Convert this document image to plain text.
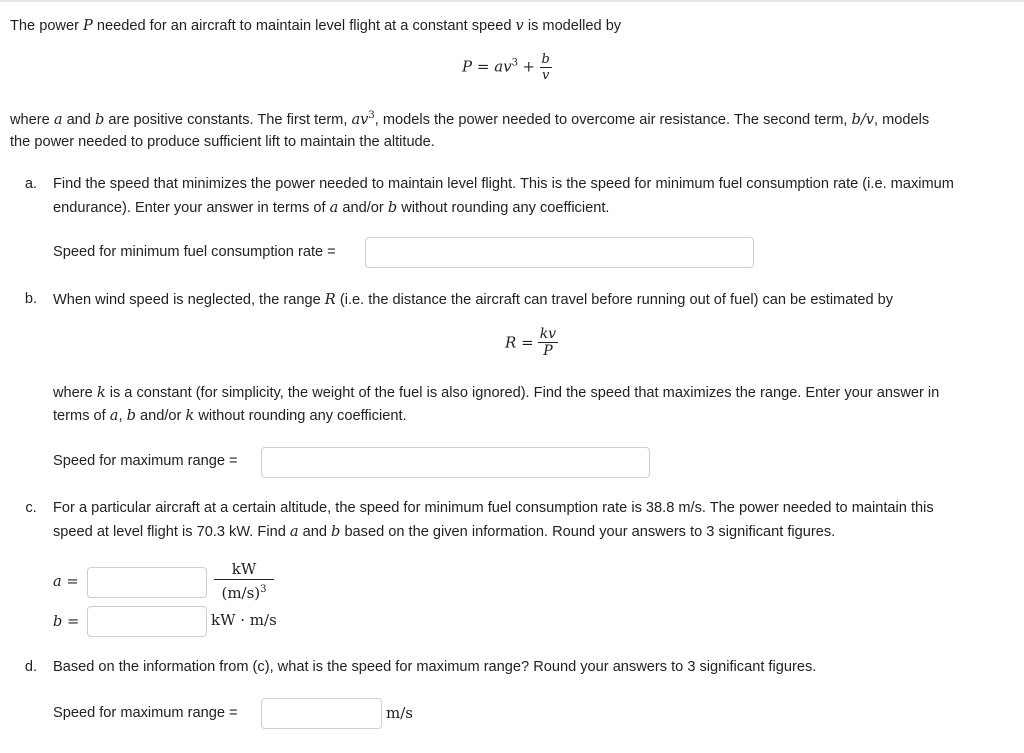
The power P needed for an aircraft to maintain level flight at a constant speed v is modelled by
$P = av^3 + \frac{b}{v}$
where a and b are positive constants. The first term, $av^3$, models the power needed to overcome air resistance. The second term, b/v, models
the power needed to produce sufficient lift to maintain the altitude.
a.	Find the speed that minimizes the power needed to maintain level flight. This is the speed for minimum fuel consumption rate (i.e. maximum
endurance). Enter your answer in terms of a and/or b without rounding any coefficient.
Speed for minimum fuel consumption rate =
b.	When wind speed is neglected, the range R (i.e. the distance the aircraft can travel before running out of fuel) can be estimated by
$R = \frac{kv}{P}$
where k is a constant (for simplicity, the weight of the fuel is also ignored). Find the speed that maximizes the range. Enter your answer in
terms of a, b and/or k without rounding any coefficient.
Speed for maximum range =
c.	For a particular aircraft at a certain altitude, the speed for minimum fuel consumption rate is 38.8 m/s. The power needed to maintain this
speed at level flight is 70.3 kW. Find a and b based on the given information. Round your answers to 3 significant figures.
a =	$\frac{kW}{(m/s)^3}$
b =	kW · m/s
d.	Based on the information from (c), what is the speed for maximum range? Round your answers to 3 significant figures.
Speed for maximum range =	m/s
